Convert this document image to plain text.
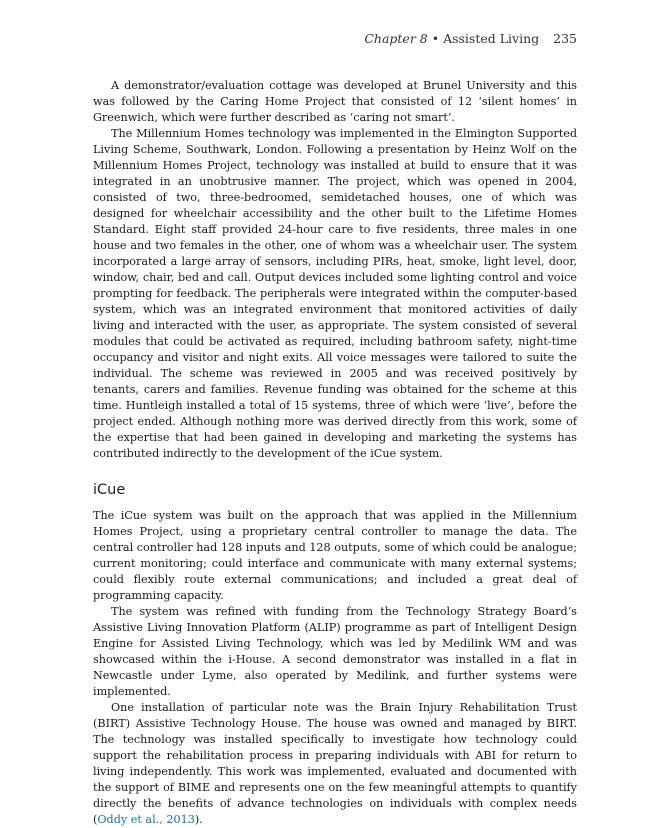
Chapter 8 • Assisted Living 235

A demonstrator/evaluation cottage was developed at Brunel University and this was followed by the Caring Home Project that consisted of 12 ‘silent homes’ in Greenwich, which were further described as ‘caring not smart’.

The Millennium Homes technology was implemented in the Elmington Supported Living Scheme, Southwark, London. Following a presentation by Heinz Wolf on the Millennium Homes Project, technology was installed at build to ensure that it was integrated in an unobtrusive manner. The project, which was opened in 2004, consisted of two, three-bedroomed, semidetached houses, one of which was designed for wheelchair accessibility and the other built to the Lifetime Homes Standard. Eight staff provided 24-hour care to five residents, three males in one house and two females in the other, one of whom was a wheelchair user. The system incorporated a large array of sensors, including PIRs, heat, smoke, light level, door, window, chair, bed and call. Output devices included some lighting control and voice prompting for feedback. The peripherals were integrated within the computer-based system, which was an integrated environment that monitored activities of daily living and interacted with the user, as appropriate. The system consisted of several modules that could be activated as required, including bathroom safety, night-time occupancy and visitor and night exits. All voice messages were tailored to suite the individual. The scheme was reviewed in 2005 and was received positively by tenants, carers and families. Revenue funding was obtained for the scheme at this time. Huntleigh installed a total of 15 systems, three of which were ‘live’, before the project ended. Although nothing more was derived directly from this work, some of the expertise that had been gained in developing and marketing the systems has contributed indirectly to the development of the iCue system.

iCue

The iCue system was built on the approach that was applied in the Millennium Homes Project, using a proprietary central controller to manage the data. The central controller had 128 inputs and 128 outputs, some of which could be analogue; current monitoring; could interface and communicate with many external systems; could flexibly route external communications; and included a great deal of programming capacity.

The system was refined with funding from the Technology Strategy Board’s Assistive Living Innovation Platform (ALIP) programme as part of Intelligent Design Engine for Assisted Living Technology, which was led by Medilink WM and was showcased within the i-House. A second demonstrator was installed in a flat in Newcastle under Lyme, also operated by Medilink, and further systems were implemented.

One installation of particular note was the Brain Injury Rehabilitation Trust (BIRT) Assistive Technology House. The house was owned and managed by BIRT. The technology was installed specifically to investigate how technology could support the rehabilitation process in preparing individuals with ABI for return to living independently. This work was implemented, evaluated and documented with the support of BIME and represents one on the few meaningful attempts to quantify directly the benefits of advance technologies on individuals with complex needs (Oddy et al., 2013).
